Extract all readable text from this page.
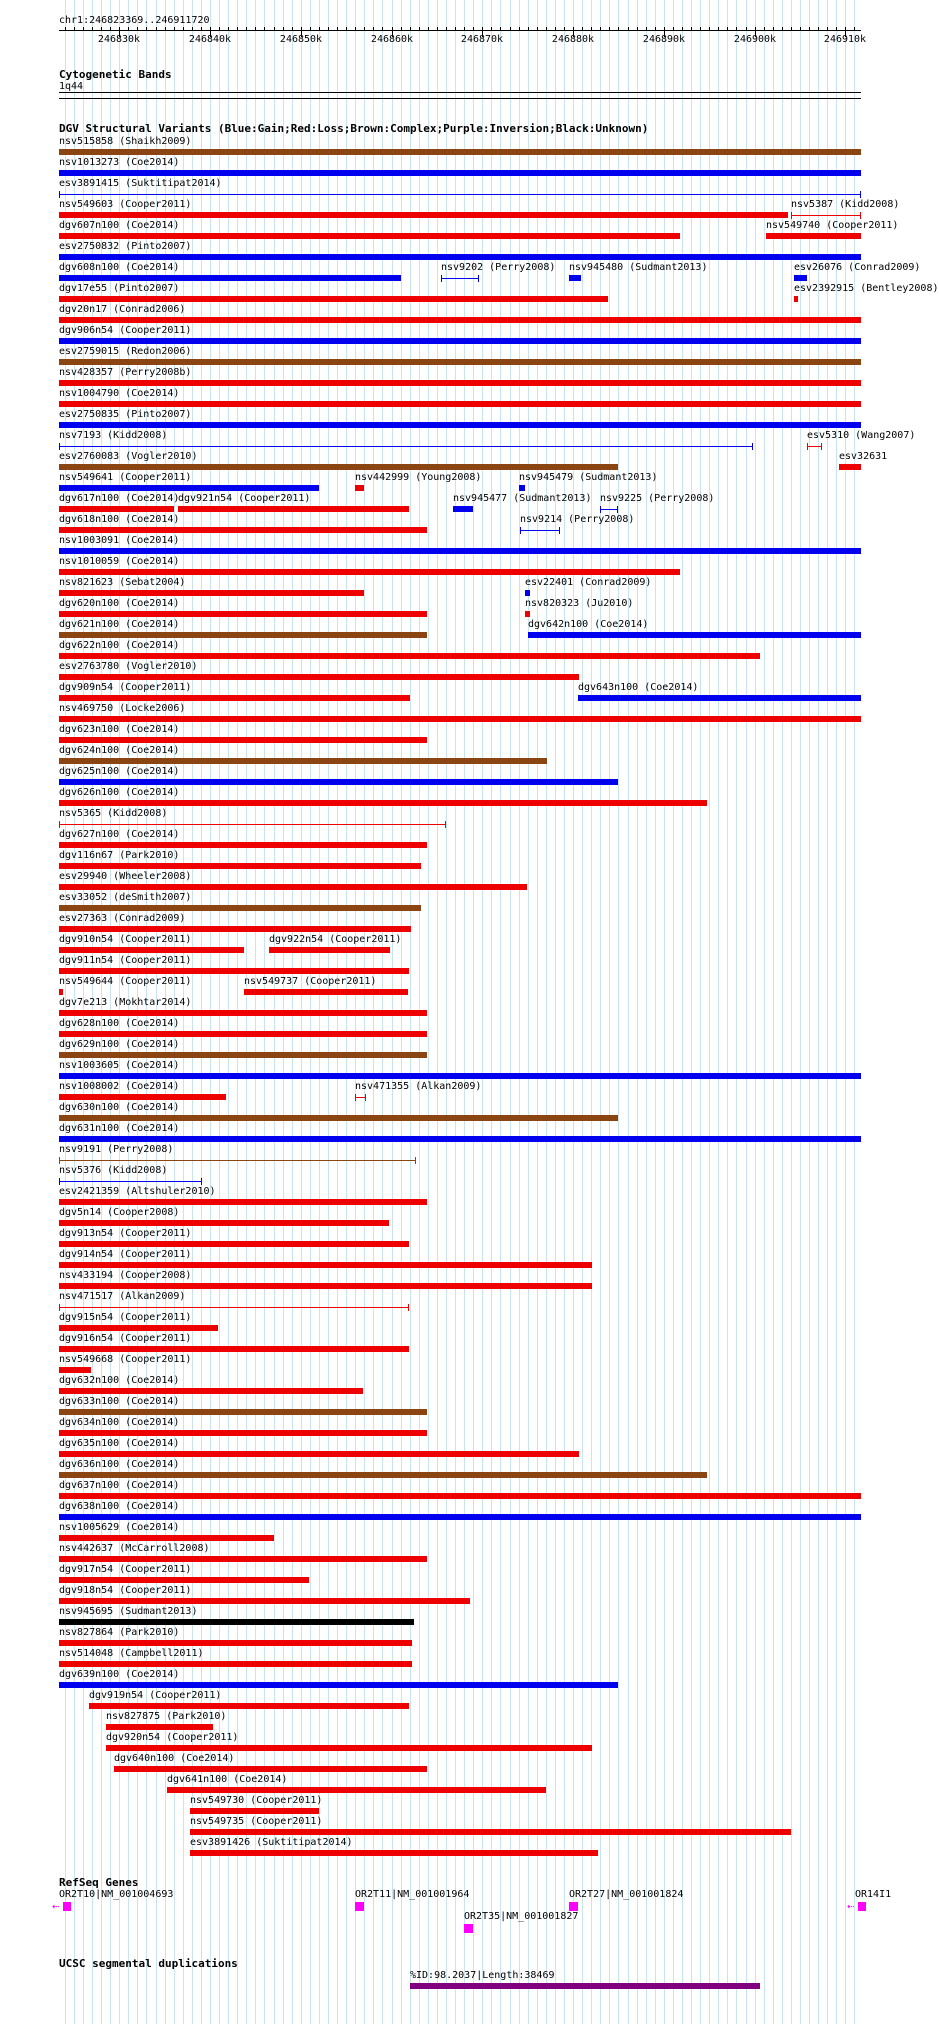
chr1:246823369..246911720
246830k	246840k	246850k	246860k	246870k	246880k	246890k	246900k	246910k
Cytogenetic Bands
1q44
DGV Structural Variants (Blue:Gain;Red:Loss;Brown:Complex;Purple:Inversion;Black:Unknown)
nsv515858 (Shaikh2009)
nsv1013273 (Coe2014)
esv3891415 (Suktitipat2014)
nsv549603 (Cooper2011)	nsv5387 (Kidd2008)
dgv607n100 (Coe2014)	nsv549740 (Cooper2011)
esv2750832 (Pinto2007)
dgv608n100 (Coe2014)	nsv9202 (Perry2008) nsv945480 (Sudmant2013)	esv26076 (Conrad2009)
dgv17e55 (Pinto2007)	esv2392915 (Bentley2008)
dgv20n17 (Conrad2006)
dgv906n54 (Cooper2011)
esv2759015 (Redon2006)
nsv428357 (Perry2008b)
nsv1004790 (Coe2014)
esv2750835 (Pinto2007)
nsv7193 (Kidd2008)	esv5310 (Wang2007)
esv2760083 (Vogler2010)	esv32631
nsv549641 (Cooper2011)	nsv442999 (Young2008)	nsv945479 (Sudmant2013)
dgv617n100 (Coe2014)
dgv921n54 (Cooper2011)	nsv945477 (Sudmant2013) nsv9225 (Perry2008)
dgv618n100 (Coe2014)	nsv9214 (Perry2008)
nsv1003091 (Coe2014)
nsv1010059 (Coe2014)
nsv821623 (Sebat2004)	esv22401 (Conrad2009)
dgv620n100 (Coe2014)	nsv820323 (Ju2010)
dgv621n100 (Coe2014)	dgv642n100 (Coe2014)
dgv622n100 (Coe2014)
esv2763780 (Vogler2010)
dgv909n54 (Cooper2011)	dgv643n100 (Coe2014)
nsv469750 (Locke2006)
dgv623n100 (Coe2014)
dgv624n100 (Coe2014)
dgv625n100 (Coe2014)
dgv626n100 (Coe2014)
nsv5365 (Kidd2008)
dgv627n100 (Coe2014)
dgv116n67 (Park2010)
esv29940 (Wheeler2008)
esv33052 (deSmith2007)
esv27363 (Conrad2009)
dgv910n54 (Cooper2011)	dgv922n54 (Cooper2011)
dgv911n54 (Cooper2011)
nsv549644 (Cooper2011)	nsv549737 (Cooper2011)
dgv7e213 (Mokhtar2014)
dgv628n100 (Coe2014)
dgv629n100 (Coe2014)
nsv1003605 (Coe2014)
nsv1008002 (Coe2014)	nsv471355 (Alkan2009)
dgv630n100 (Coe2014)
dgv631n100 (Coe2014)
nsv9191 (Perry2008)
nsv5376 (Kidd2008)
esv2421359 (Altshuler2010)
dgv5n14 (Cooper2008)
dgv913n54 (Cooper2011)
dgv914n54 (Cooper2011)
nsv433194 (Cooper2008)
nsv471517 (Alkan2009)
dgv915n54 (Cooper2011)
dgv916n54 (Cooper2011)
nsv549668 (Cooper2011)
dgv632n100 (Coe2014)
dgv633n100 (Coe2014)
dgv634n100 (Coe2014)
dgv635n100 (Coe2014)
dgv636n100 (Coe2014)
dgv637n100 (Coe2014)
dgv638n100 (Coe2014)
nsv1005629 (Coe2014)
nsv442637 (McCarroll2008)
dgv917n54 (Cooper2011)
dgv918n54 (Cooper2011)
nsv945695 (Sudmant2013)
nsv827864 (Park2010)
nsv514048 (Campbell2011)
dgv639n100 (Coe2014)
dgv919n54 (Cooper2011)
nsv827875 (Park2010)
dgv920n54 (Cooper2011)
dgv640n100 (Coe2014)
dgv641n100 (Coe2014)
nsv549730 (Cooper2011)
nsv549735 (Cooper2011)
esv3891426 (Suktitipat2014)
RefSeq Genes
OR2T10|NM_001004693
⇠
OR2T11|NM_001001964	OR2T27|NM_001001824	OR14I1
⇠
OR2T35|NM_001001827
UCSC segmental duplications
%ID:98.2037|Length:38469
